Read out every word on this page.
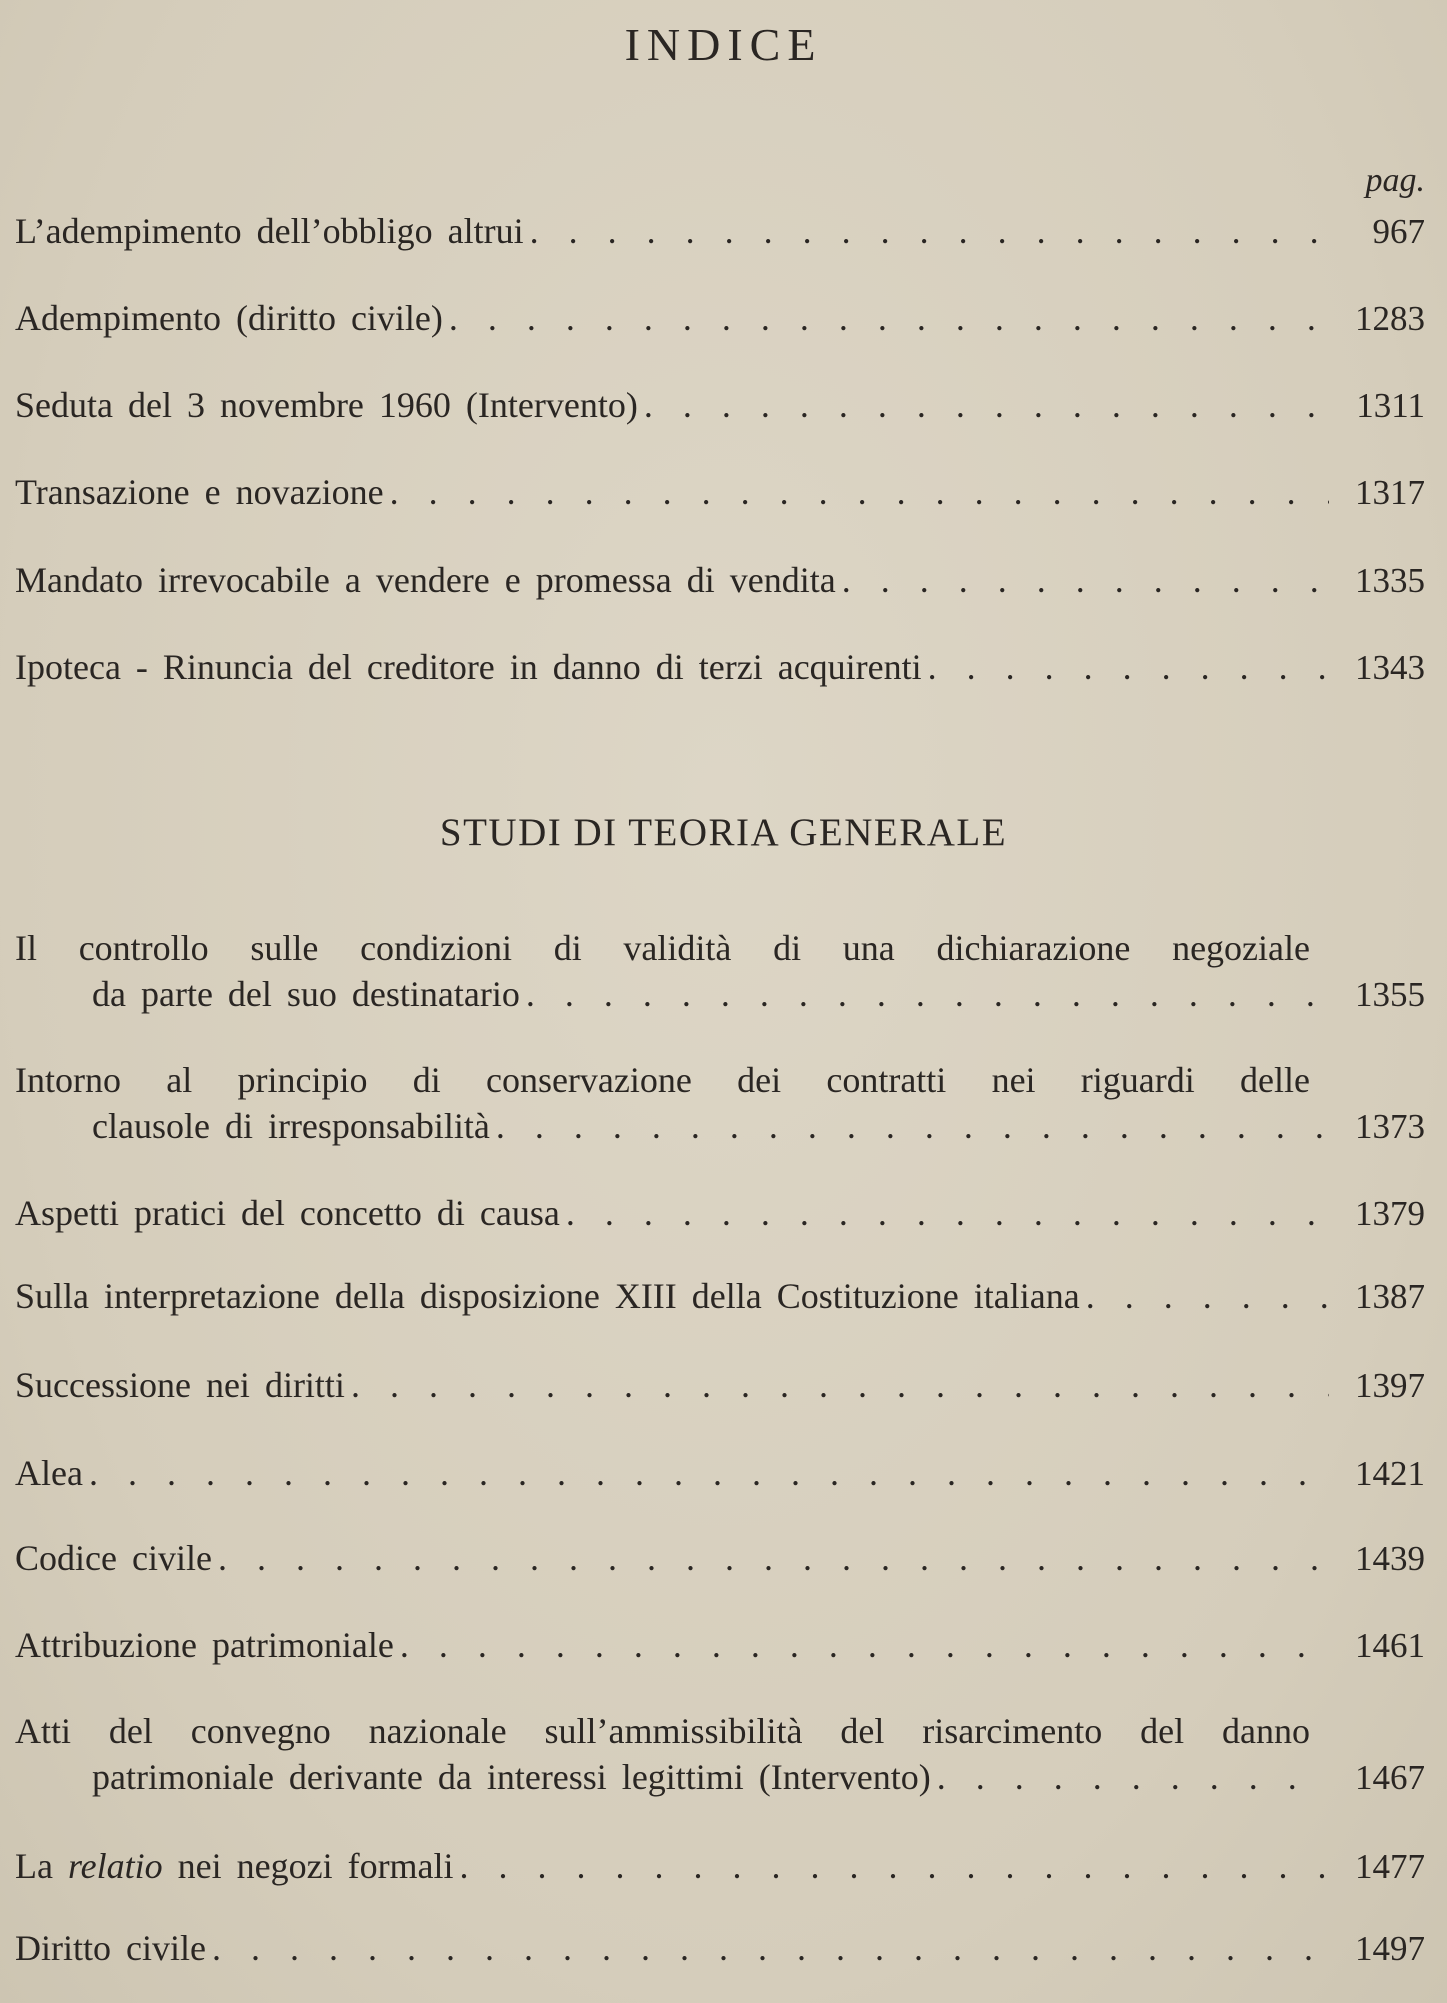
INDICE
pag.
L’adempimento dell’obbligo altrui . . .	967
Adempimento (diritto civile) . . .	1283
Seduta del 3 novembre 1960 (Intervento) . . .	1311
Transazione e novazione . . .	1317
Mandato irrevocabile a vendere e promessa di vendita . . .	1335
Ipoteca - Rinuncia del creditore in danno di terzi acquirenti . . .	1343
STUDI DI TEORIA GENERALE
Il controllo sulle condizioni di validità di una dichiarazione negoziale
da parte del suo destinatario . . .	1355
Intorno al principio di conservazione dei contratti nei riguardi delle
clausole di irresponsabilità . . .	1373
Aspetti pratici del concetto di causa . . .	1379
Sulla interpretazione della disposizione XIII della Costituzione italiana . . .	1387
Successione nei diritti . . .	1397
Alea . . .	1421
Codice civile . . .	1439
Attribuzione patrimoniale . . .	1461
Atti del convegno nazionale sull’ammissibilità del risarcimento del danno
patrimoniale derivante da interessi legittimi (Intervento) . . .	1467
La relatio nei negozi formali . . .	1477
Diritto civile . . .	1497
